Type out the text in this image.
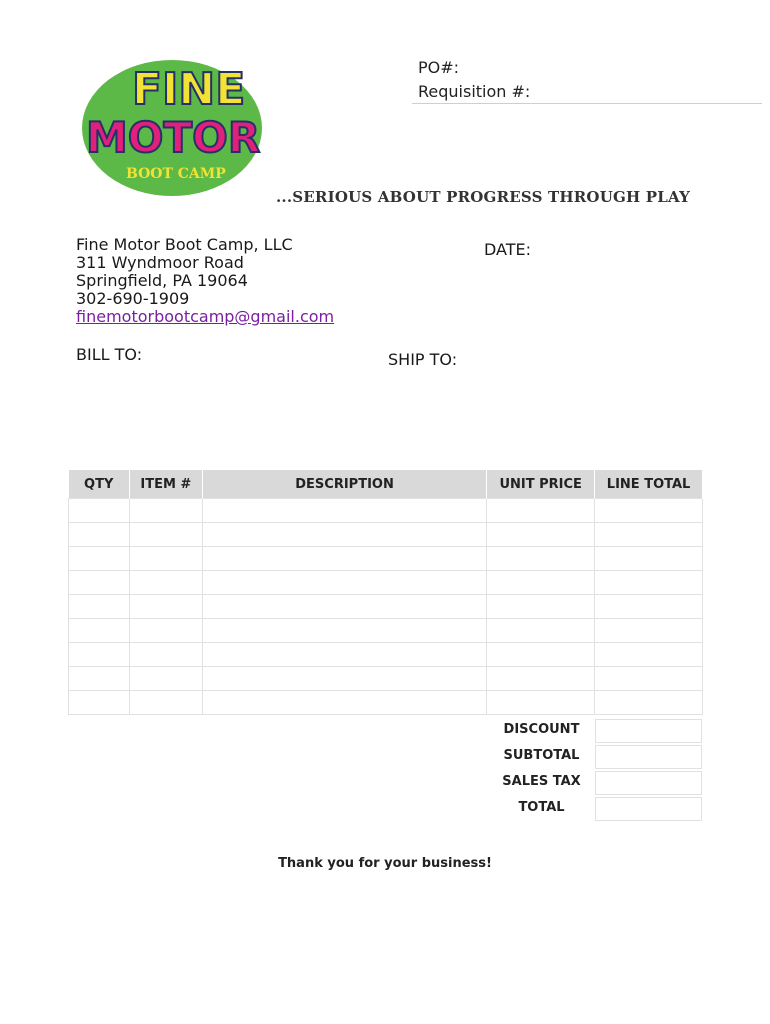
FINE
MOTOR
BOOT CAMP
PO#:
Requisition #:
...SERIOUS ABOUT PROGRESS THROUGH PLAY
Fine Motor Boot Camp, LLC
311 Wyndmoor Road
Springfield, PA 19064
302-690-1909
finemotorbootcamp@gmail.com
DATE:
BILL TO:	SHIP TO:
QTY	ITEM #	DESCRIPTION	UNIT PRICE	LINE TOTAL

DISCOUNT
SUBTOTAL
SALES TAX
TOTAL
Thank you for your business!
